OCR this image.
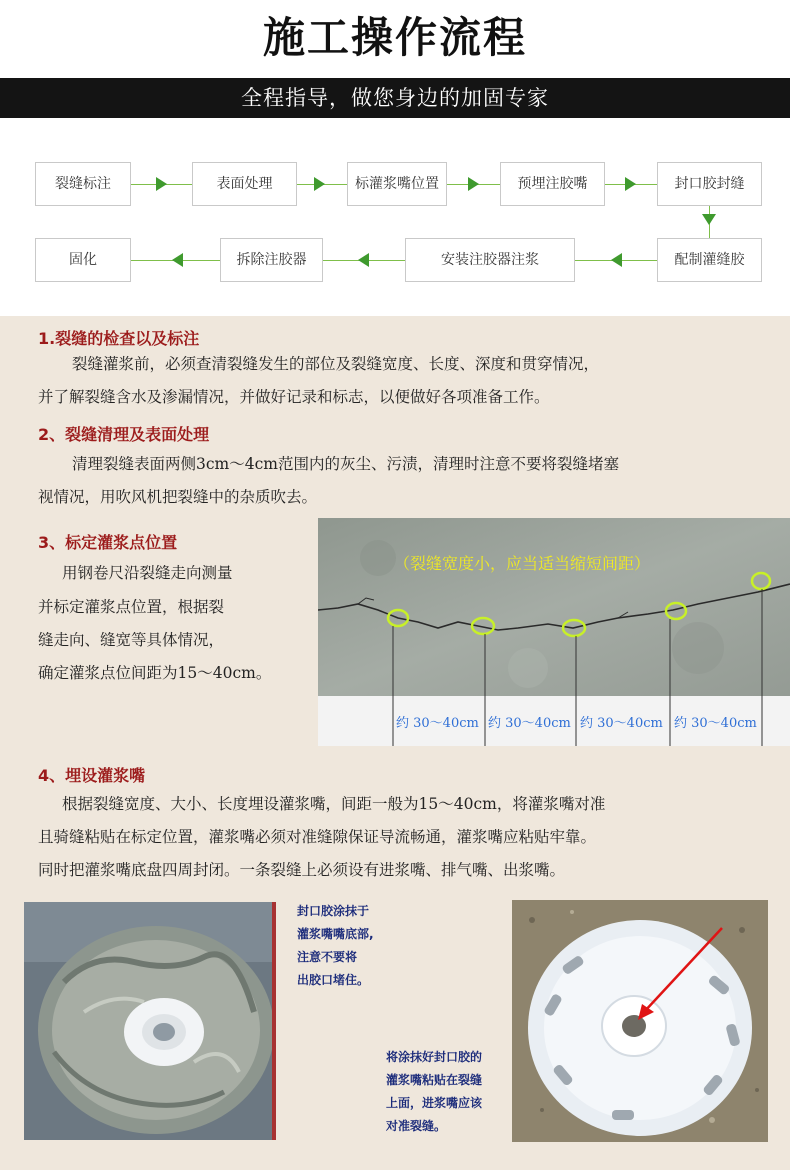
施工操作流程
全程指导，做您身边的加固专家
裂缝标注	表面处理	标灌浆嘴位置	预埋注胶嘴	封口胶封缝
固化	拆除注胶器	安装注胶器注浆	配制灌缝胶
1.裂缝的检查以及标注
裂缝灌浆前，必须查清裂缝发生的部位及裂缝宽度、长度、深度和贯穿情况，
并了解裂缝含水及渗漏情况，并做好记录和标志，以便做好各项准备工作。
2、裂缝清理及表面处理
清理裂缝表面两侧3cm～4cm范围内的灰尘、污渍，清理时注意不要将裂缝堵塞
视情况，用吹风机把裂缝中的杂质吹去。
3、标定灌浆点位置
用钢卷尺沿裂缝走向测量
并标定灌浆点位置，根据裂
缝走向、缝宽等具体情况，
确定灌浆点位间距为15～40cm。
（裂缝宽度小，应当适当缩短间距）
约 30～40cm 约 30～40cm 约 30～40cm 约 30～40cm
4、埋设灌浆嘴
根据裂缝宽度、大小、长度埋设灌浆嘴，间距一般为15～40cm，将灌浆嘴对准
且骑缝粘贴在标定位置，灌浆嘴必须对准缝隙保证导流畅通，灌浆嘴应粘贴牢靠。
同时把灌浆嘴底盘四周封闭。一条裂缝上必须设有进浆嘴、排气嘴、出浆嘴。
封口胶涂抹于
灌浆嘴嘴底部,
注意不要将
出胶口堵住。
将涂抹好封口胶的
灌浆嘴粘贴在裂缝
上面，进浆嘴应该
对准裂缝。
